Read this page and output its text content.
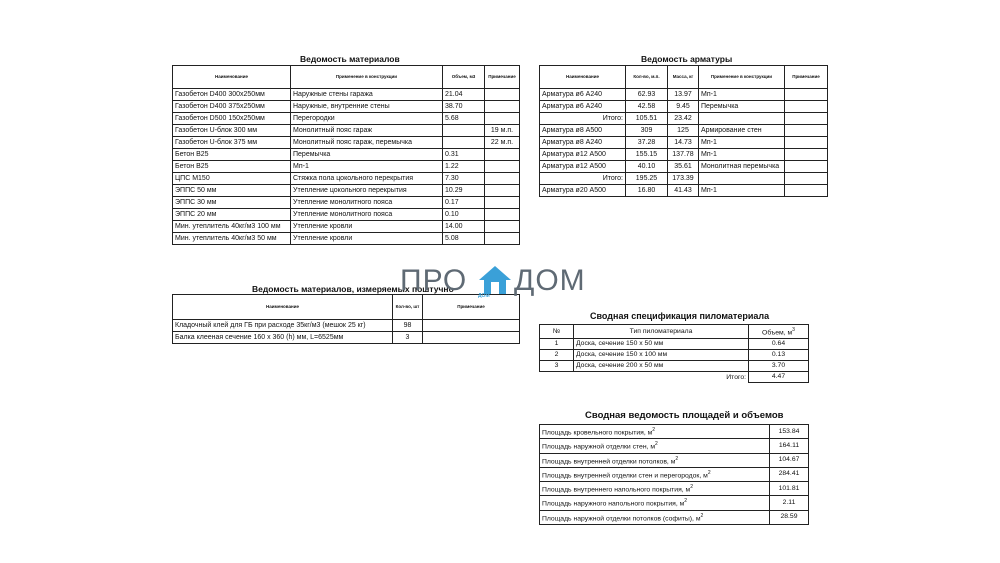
Ведомость материалов	Ведомость арматуры
Ведомость материалов, измеряемых поштучно
Сводная спецификация пиломатериала
Сводная ведомость площадей и объемов
Наименование	Применение в конструкции	Объем, м3	Примечание
Газобетон D400 300х250мм	Наружные стены гаража	21.04	
Газобетон D400 375х250мм	Наружные, внутренние стены	38.70	
Газобетон D500 150х250мм	Перегородки	5.68	
Газобетон U-блок 300 мм	Монолитный пояс гараж		19 м.п.
Газобетон U-блок 375 мм	Монолитный пояс гараж, перемычка		22 м.п.
Бетон В25	Перемычка	0.31	
Бетон В25	Мп-1	1.22	
ЦПС М150	Стяжка пола цокольного перекрытия	7.30	
ЭППС 50 мм	Утепление цокольного перекрытия	10.29	
ЭППС 30 мм	Утепление монолитного пояса	0.17	
ЭППС 20 мм	Утепление монолитного пояса	0.10	
Мин. утеплитель 40кг/м3 100 мм	Утепление кровли	14.00	
Мин. утеплитель 40кг/м3 50 мм	Утепление кровли	5.08	
Наименование	Кол-во, м.п.	Масса, кг	Применение в конструкции	Примечание
Арматура ø6 А240	62.93	13.97	Мп-1	
Арматура ø6 А240	42.58	9.45	Перемычка	
Итого:	105.51	23.42		
Арматура ø8 А500	309	125	Армирование стен	
Арматура ø8 А240	37.28	14.73	Мп-1	
Арматура ø12 А500	155.15	137.78	Мп-1	
Арматура ø12 А500	40.10	35.61	Монолитная перемычка	
Итого:	195.25	173.39		
Арматура ø20 А500	16.80	41.43	Мп-1	
Наименование	Кол-во, шт	Примечание
Кладочный клей для ГБ при расходе 35кг/м3 (мешок 25 кг)	98	
Балка клееная сечение 160 х 360 (h) мм, L=6525мм	3	
№	Тип пиломатериала	Объем, $м^3$
1	Доска, сечение 150 х 50 мм	0.64
2	Доска, сечение 150 х 100 мм	0.13
3	Доска, сечение 200 х 50 мм	3.70
Итого:		4.47
Площадь кровельного покрытия, $м^2$	153.84
Площадь наружной отделки стен, $м^2$	164.11
Площадь внутренней отделки потолков, $м^2$	104.67
Площадь внутренней отделки стен и перегородок, $м^2$	284.41
Площадь внутреннего напольного покрытия, $м^2$	101.81
Площадь наружного напольного покрытия, $м^2$	2.11
Площадь наружной отделки потолков (софиты), $м^2$	28.59
ПРО ДОМ ДОМ
